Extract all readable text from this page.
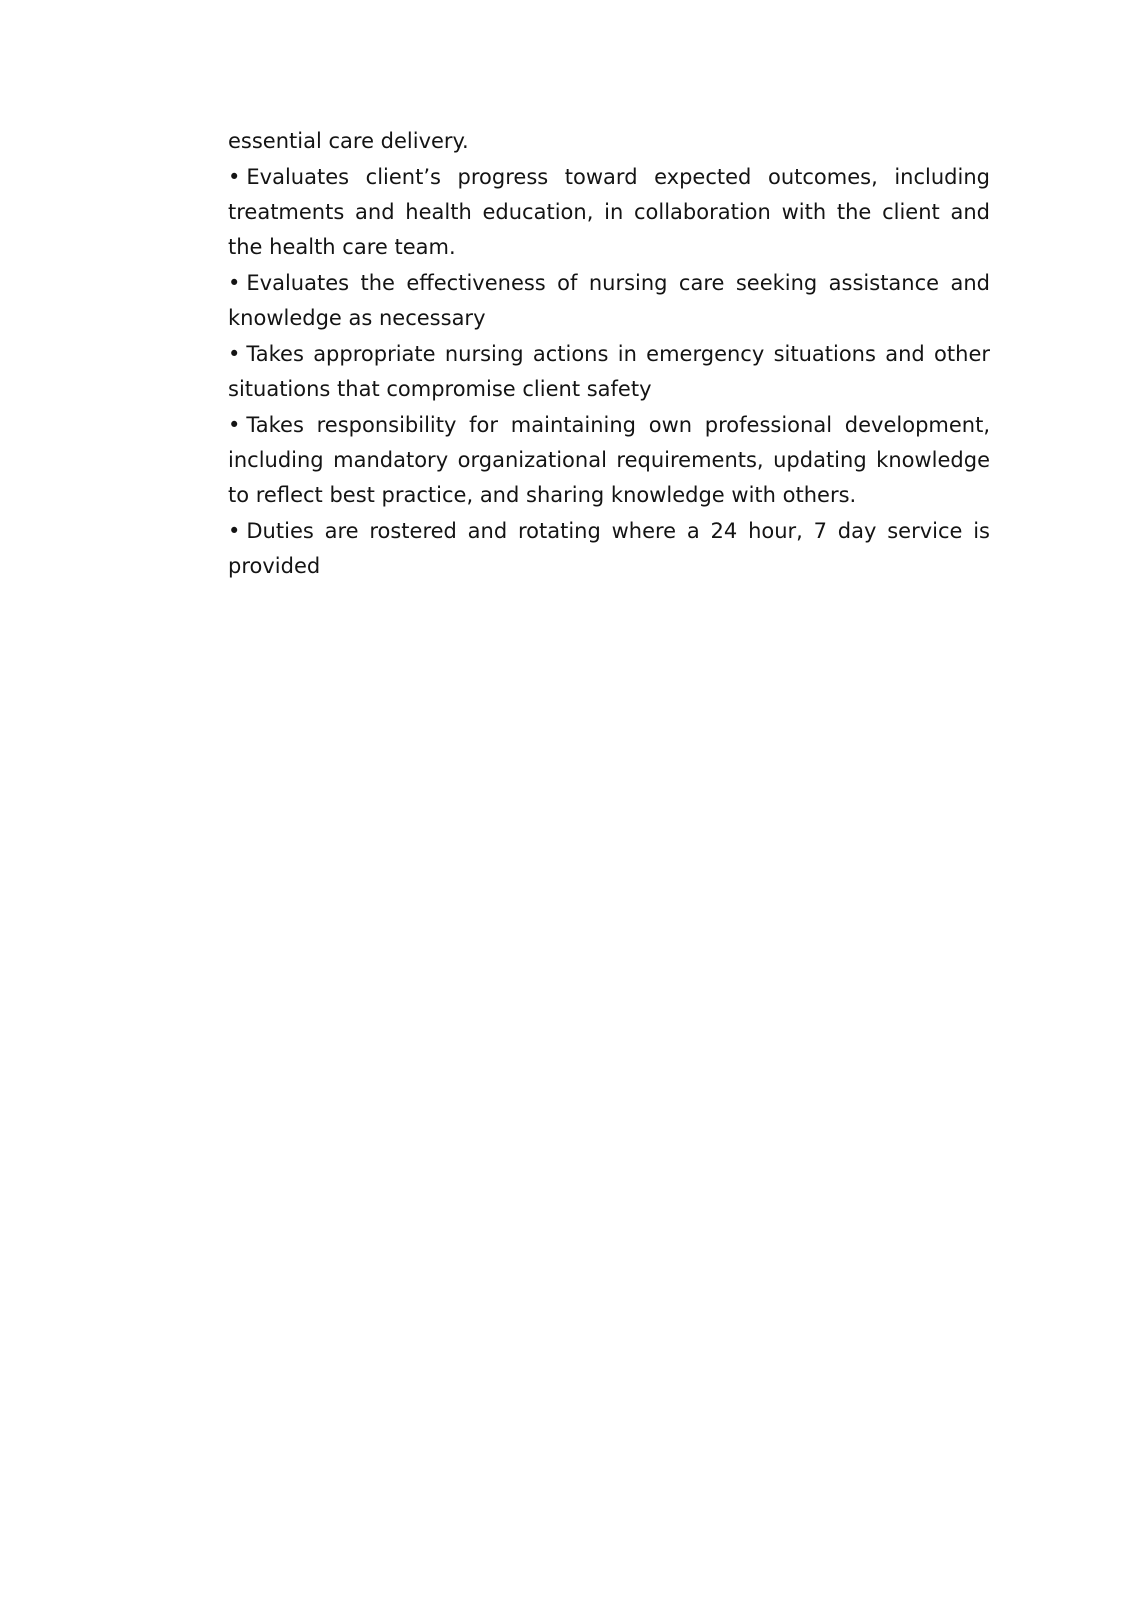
essential care delivery.

• Evaluates client’s progress toward expected outcomes, including treatments and health education, in collaboration with the client and the health care team.

• Evaluates the effectiveness of nursing care seeking assistance and knowledge as necessary

• Takes appropriate nursing actions in emergency situations and other situations that compromise client safety

• Takes responsibility for maintaining own professional development, including mandatory organizational requirements, updating knowledge to reflect best practice, and sharing knowledge with others.

• Duties are rostered and rotating where a 24 hour, 7 day service is provided
